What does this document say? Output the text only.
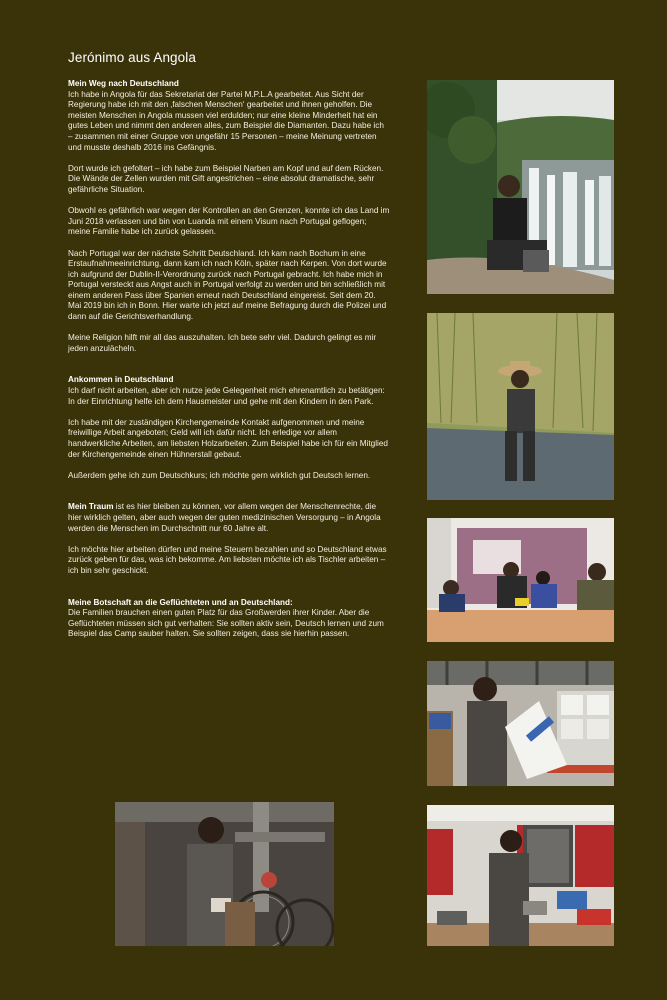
Jerónimo aus Angola
Mein Weg nach Deutschland
Ich habe in Angola für das Sekretariat der Partei M.P.L.A gearbeitet. Aus Sicht der Regierung habe ich mit den ‚falschen Menschen‘ gearbeitet und ihnen geholfen. Die meisten Menschen in Angola mussen viel erdulden; nur eine kleine Minderheit hat ein gutes Leben und nimmt den anderen alles, zum Beispiel die Diamanten. Dazu habe ich – zusammen mit einer Gruppe von ungefähr 15 Personen – meine Meinung vertreten und musste deshalb 2016 ins Gefängnis.
Dort wurde ich gefoltert – ich habe zum Beispiel Narben am Kopf und auf dem Rücken. Die Wände der Zellen wurden mit Gift angestrichen – eine absolut dramatische, sehr gefährliche Situation.
Obwohl es gefährlich war wegen der Kontrollen an den Grenzen, konnte ich das Land im Juni 2018 verlassen und bin von Luanda mit einem Visum nach Portugal geflogen; meine Familie habe ich zurück gelassen.
Nach Portugal war der nächste Schritt Deutschland. Ich kam nach Bochum in eine Erstaufnahmeeinrichtung, dann kam ich nach Köln, später nach Kerpen. Von dort wurde ich aufgrund der Dublin-II-Verordnung zurück nach Portugal gebracht. Ich habe mich in Portugal versteckt aus Angst auch in Portugal verfolgt zu werden und bin schließlich mit einem anderen Pass über Spanien erneut nach Deutschland eingereist. Seit dem 20. Mai 2019 bin ich in Bonn. Hier warte ich jetzt auf meine Befragung durch die Polizei und dann auf die Gerichtsverhandlung.
Meine Religion hilft mir all das auszuhalten. Ich bete sehr viel. Dadurch gelingt es mir jeden anzulächeln.
Ankommen in Deutschland
Ich darf nicht arbeiten, aber ich nutze jede Gelegenheit mich ehrenamtlich zu betätigen: In der Einrichtung helfe ich dem Hausmeister und gehe mit den Kindern in den Park.
Ich habe mit der zuständigen Kirchengemeinde Kontakt aufgenommen und meine freiwillige Arbeit angeboten; Geld will ich dafür nicht. Ich erledige vor allem handwerkliche Arbeiten, am liebsten Holzarbeiten. Zum Beispiel habe ich für ein Mitglied der Kirchengemeinde einen Hühnerstall gebaut.
Außerdem gehe ich zum Deutschkurs; ich möchte gern wirklich gut Deutsch lernen.
Mein Traum ist es hier bleiben zu können, vor allem wegen der Menschenrechte, die hier wirklich gelten, aber auch wegen der guten medizinischen Versorgung – in Angola werden die Menschen im Durchschnitt nur 60 Jahre alt.
Ich möchte hier arbeiten dürfen und meine Steuern bezahlen und so Deutschland etwas zurück geben für das, was ich bekomme. Am liebsten möchte ich als Tischler arbeiten – ich bin sehr geschickt.
Meine Botschaft an die Geflüchteten und an Deutschland:
Die Familien brauchen einen guten Platz für das Großwerden ihrer Kinder. Aber die Geflüchteten müssen sich gut verhalten: Sie sollten aktiv sein, Deutsch lernen und zum Beispiel das Camp sauber halten. Sie sollten zeigen, dass sie hierhin passen.
